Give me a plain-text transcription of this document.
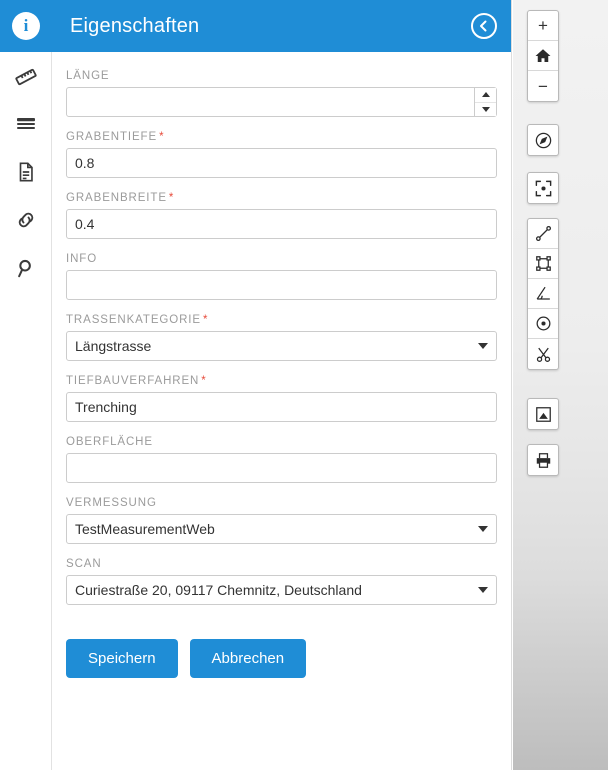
i	Eigenschaften
LÄNGE
GRABENTIEFE *
0.8
GRABENBREITE *
0.4
INFO
TRASSENKATEGORIE *
Längstrasse
TIEFBAUVERFAHREN *
Trenching
OBERFLÄCHE
VERMESSUNG
TestMeasurementWeb
SCAN
Curiestraße 20, 09117 Chemnitz, Deutschland
Speichern	Abbrechen
+
−
